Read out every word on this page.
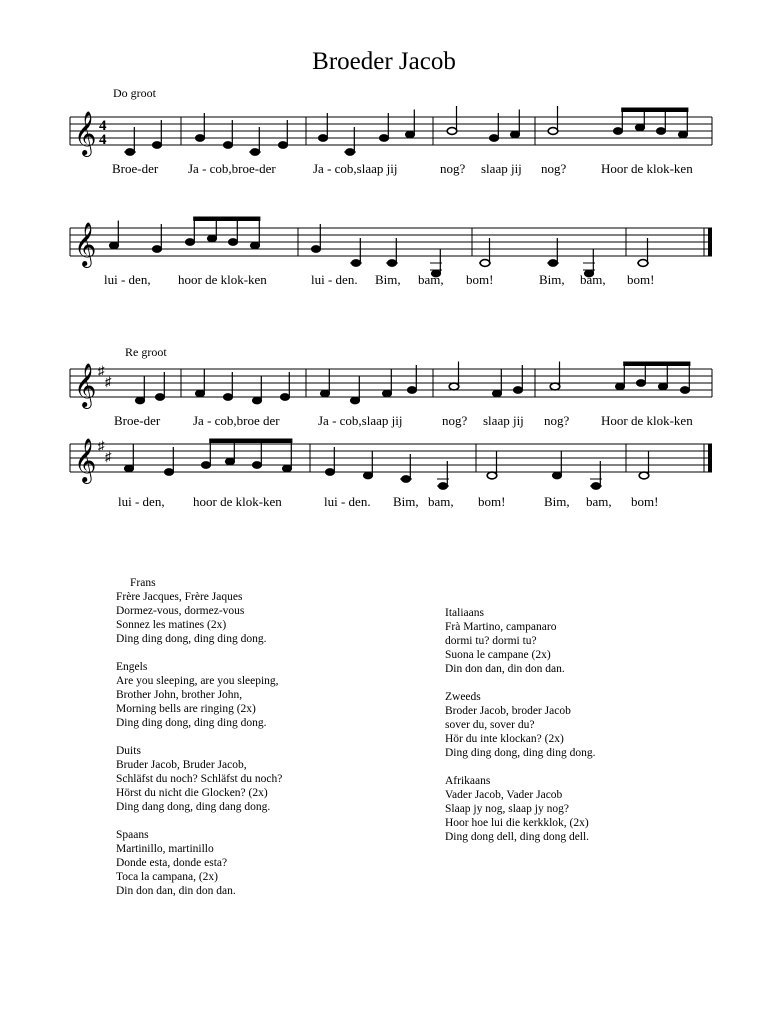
Broeder Jacob
Do groot
𝄞 4
4
Broe-der Ja - cob,broe-der	Ja - cob,slaap jij	nog? slaap jij nog?	Hoor de klok-ken
𝄞
lui - den, hoor de klok-ken	lui - den. Bim, bam, bom!	Bim, bam, bom!
Re groot
𝄞 ♯
♯
Broe-der	Ja - cob,broe der	Ja - cob,slaap jij	nog? slaap jij nog? Hoor de klok-ken
𝄞 ♯
♯
lui - den, hoor de klok-ken	lui - den. Bim, bam, bom!	Bim, bam, bom!
Frans
Frère Jacques, Frère Jaques
Dormez-vous, dormez-vous
Sonnez les matines (2x)
Ding ding dong, ding ding dong.
Engels
Are you sleeping, are you sleeping,
Brother John, brother John,
Morning bells are ringing (2x)
Ding ding dong, ding ding dong.
Duits
Bruder Jacob, Bruder Jacob,
Schläfst du noch? Schläfst du noch?
Hörst du nicht die Glocken? (2x)
Ding dang dong, ding dang dong.
Spaans
Martinillo, martinillo
Donde esta, donde esta?
Toca la campana, (2x)
Din don dan, din don dan.
Italiaans
Frà Martino, campanaro
dormi tu? dormi tu?
Suona le campane (2x)
Din don dan, din don dan.
Zweeds
Broder Jacob, broder Jacob
sover du, sover du?
Hör du inte klockan? (2x)
Ding ding dong, ding ding dong.
Afrikaans
Vader Jacob, Vader Jacob
Slaap jy nog, slaap jy nog?
Hoor hoe lui die kerkklok, (2x)
Ding dong dell, ding dong dell.
